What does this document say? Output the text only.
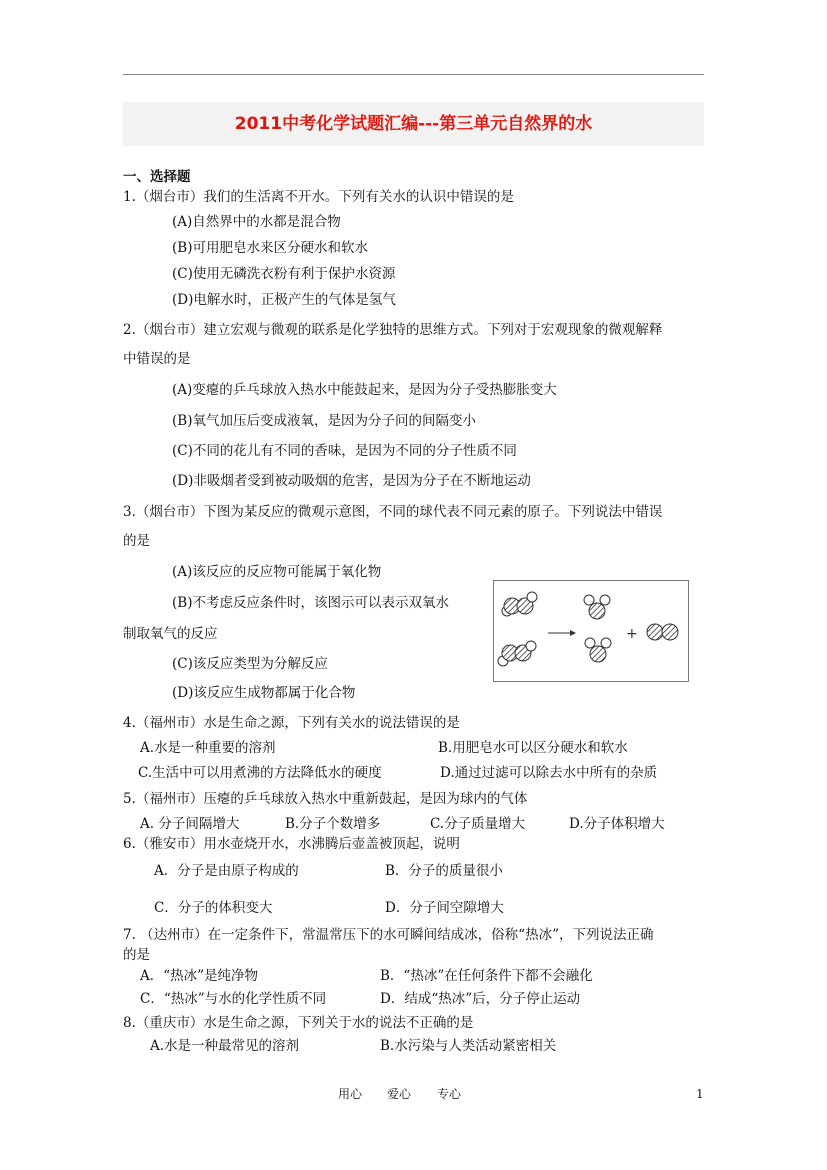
2011中考化学试题汇编---第三单元自然界的水
一、选择题
1.（烟台市）我们的生活离不开水。下列有关水的认识中错误的是
(A)自然界中的水都是混合物
(B)可用肥皂水来区分硬水和软水
(C)使用无磷洗衣粉有利于保护水资源
(D)电解水时，正极产生的气体是氢气
2.（烟台市）建立宏观与微观的联系是化学独特的思维方式。下列对于宏观现象的微观解释
中错误的是
(A)变瘪的乒乓球放入热水中能鼓起来，是因为分子受热膨胀变大
(B)氧气加压后变成液氧，是因为分子问的间隔变小
(C)不同的花儿有不同的香味，是因为不同的分子性质不同
(D)非吸烟者受到被动吸烟的危害，是因为分子在不断地运动
3.（烟台市）下图为某反应的微观示意图，不同的球代表不同元素的原子。下列说法中错误
的是
(A)该反应的反应物可能属于氧化物
(B)不考虑反应条件时，该图示可以表示双氧水
制取氧气的反应
(C)该反应类型为分解反应
(D)该反应生成物都属于化合物
+
4.（福州市）水是生命之源，下列有关水的说法错误的是
A.水是一种重要的溶剂	B.用肥皂水可以区分硬水和软水
C.生活中可以用煮沸的方法降低水的硬度	D.通过过滤可以除去水中所有的杂质
5.（福州市）压瘪的乒乓球放入热水中重新鼓起，是因为球内的气体
A. 分子间隔增大	B.分子个数增多	C.分子质量增大	D.分子体积增大
6.（雅安市）用水壶烧开水，水沸腾后壶盖被顶起，说明
A．分子是由原子构成的	B．分子的质量很小
C．分子的体积变大	D．分子间空隙增大
7. （达州市）在一定条件下，常温常压下的水可瞬间结成冰，俗称“热冰”，下列说法正确
的是
A．“热冰”是纯净物	B．“热冰”在任何条件下都不会融化
C．“热冰”与水的化学性质不同	D．结成“热冰”后，分子停止运动
8.（重庆市）水是生命之源，下列关于水的说法不正确的是
A.水是一种最常见的溶剂	B.水污染与人类活动紧密相关
用心 爱心 专心	1
